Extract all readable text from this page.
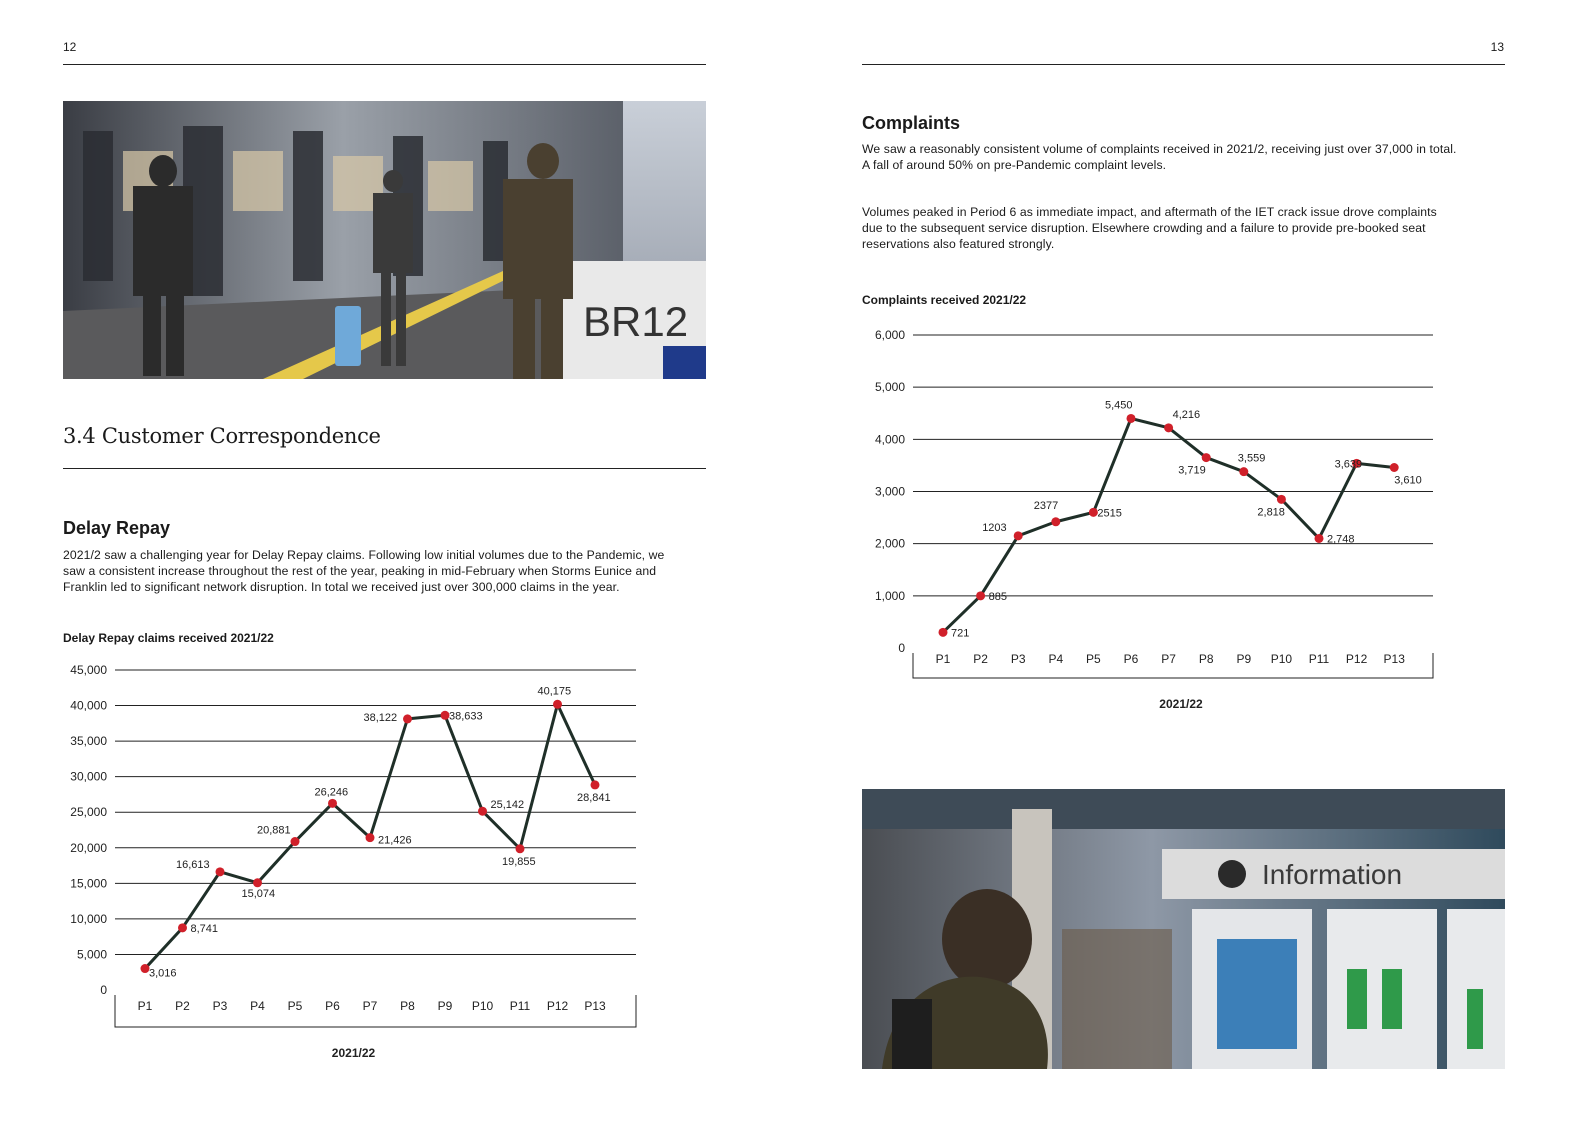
12
BR12
3.4 Customer Correspondence
Delay Repay

2021/2 saw a challenging year for Delay Repay claims. Following low initial volumes due to the Pandemic, we

saw a consistent increase throughout the rest of the year, peaking in mid-February when Storms Eunice and

Franklin led to significant network disruption. In total we received just over 300,000 claims in the year.

Delay Repay claims received 2021/22
0
5,000
10,000
15,000
20,000
25,000
30,000
35,000
40,000
45,000
3,016
P1
8,741
P2
16,613
P3
15,074
P4
20,881
P5
26,246
P6
21,426
P7
38,122
P8
38,633
P9
25,142
P10
19,855
P11
40,175
P12
28,841
P13
2021/22
13
Complaints

We saw a reasonably consistent volume of complaints received in 2021/2, receiving just over 37,000 in total.

A fall of around 50% on pre-Pandemic complaint levels.

Volumes peaked in Period 6 as immediate impact, and aftermath of the IET crack issue drove complaints

due to the subsequent service disruption. Elsewhere crowding and a failure to provide pre-booked seat

reservations also featured strongly.

Complaints received 2021/22
0
1,000
2,000
3,000
4,000
5,000
6,000
721
P1
885
P2
1203
P3
2377
P4
2515
P5
5,450
P6
4,216
P7
3,719
P8
3,559
P9
2,818
P10
2,748
P11
3,639
P12
3,610
P13
2021/22
Information
